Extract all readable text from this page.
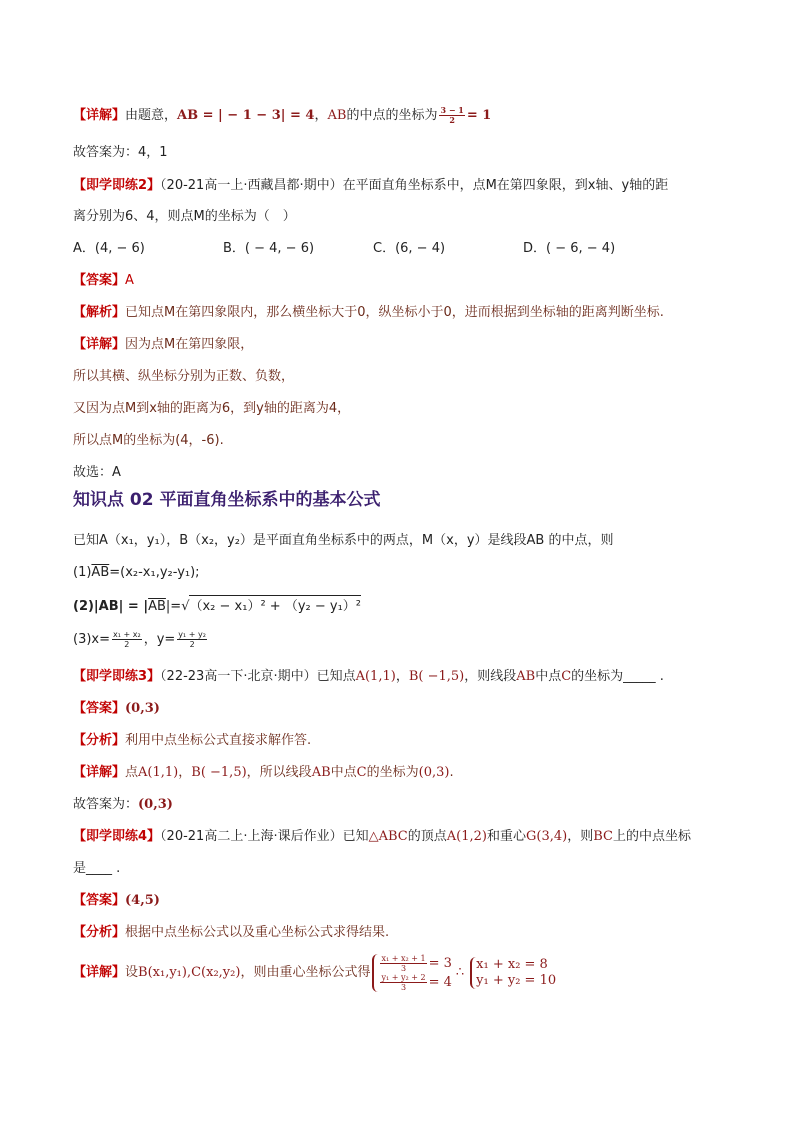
【详解】由题意，AB = | − 1 − 3| = 4，AB的中点的坐标为 $\frac{3 - 1}{2} = 1$
故答案为：4，1
【即学即练2】（20-21高一上·西藏昌都·期中）在平面直角坐标系中，点M在第四象限，到x轴、y轴的距
离分别为6、4，则点M的坐标为（　）
A．(4, − 6)	B．( − 4, − 6)	C．(6, − 4)	D．( − 6, − 4)
【答案】A
【解析】已知点M在第四象限内，那么横坐标大于0，纵坐标小于0，进而根据到坐标轴的距离判断坐标.
【详解】因为点M在第四象限，
所以其横、纵坐标分别为正数、负数，
又因为点M到x轴的距离为6，到y轴的距离为4，
所以点M的坐标为(4，-6).
故选：A
知识点 02 平面直角坐标系中的基本公式
已知A（x₁，y₁），B（x₂，y₂）是平面直角坐标系中的两点，M（x，y）是线段AB 的中点，则
$(1)\overline{AB}=(x_2-x_1,y_2-y_1)$;
$(2)|AB| = |\overline{AB}|=√(x_2 - x_1)^2 + (y_2 - y_1)^2$
$(3)x= \frac{\text{x₁ + x₂}}{2}$ ，$y= \frac{\text{y₁ + y₂}}{2}$
【即学即练3】（22-23高一下·北京·期中）已知点A(1,1)，B( −1,5)，则线段AB中点C的坐标为_____ .
【答案】(0,3)
【分析】利用中点坐标公式直接求解作答.
【详解】点A(1,1)，B( −1,5)，所以线段AB中点C的坐标为(0,3).
故答案为：(0,3)
【即学即练4】（20-21高二上·上海·课后作业）已知△ABC的顶点A(1,2)和重心G(3,4)，则BC上的中点坐标
是____ .
【答案】(4,5)
【分析】根据中点坐标公式以及重心坐标公式求得结果.
【详解】设B(x₁,y₁),C(x₂,y₂)，则由重心坐标公式得 $\frac{\text{x₁ + x₂ + 1}}{3} = 3$
$\frac{\text{y₁ + y₂ + 2}}{3} = 4$
∴
x₁ + x₂ = 8
y₁ + y₂ = 10
